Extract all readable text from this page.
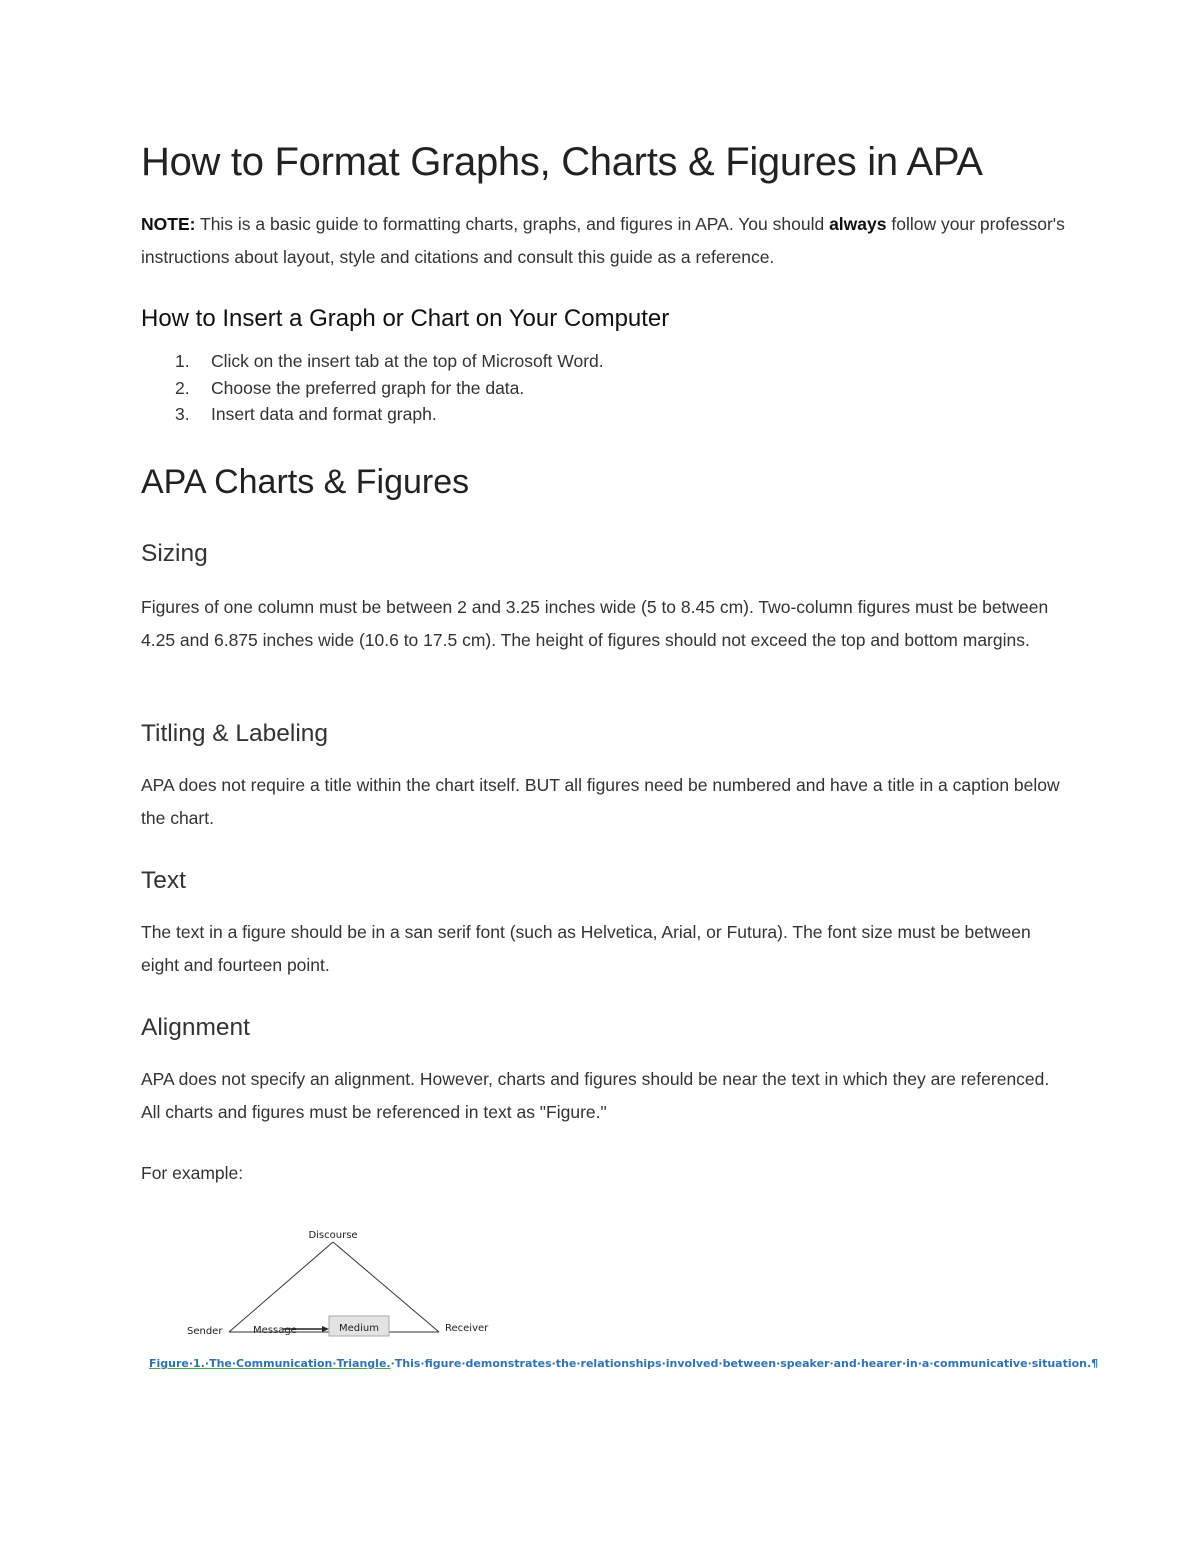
How to Format Graphs, Charts & Figures in APA

NOTE: This is a basic guide to formatting charts, graphs, and figures in APA. You should always follow your professor's instructions about layout, style and citations and consult this guide as a reference.

How to Insert a Graph or Chart on Your Computer
1. Click on the insert tab at the top of Microsoft Word.
2. Choose the preferred graph for the data.
3. Insert data and format graph.
APA Charts & Figures
Sizing

Figures of one column must be between 2 and 3.25 inches wide (5 to 8.45 cm). Two-column figures must be between 4.25 and 6.875 inches wide (10.6 to 17.5 cm). The height of figures should not exceed the top and bottom margins.

Titling & Labeling

APA does not require a title within the chart itself. BUT all figures need be numbered and have a title in a caption below the chart.

Text

The text in a figure should be in a san serif font (such as Helvetica, Arial, or Futura). The font size must be between eight and fourteen point.

Alignment

APA does not specify an alignment. However, charts and figures should be near the text in which they are referenced. All charts and figures must be referenced in text as "Figure."

For example:

Discourse
Sender	Message	Medium	Receiver
Figure·1.·The·Communication·Triangle.·This·figure·demonstrates·the·relationships·involved·between·speaker·and·hearer·in·a·communicative·situation.¶
